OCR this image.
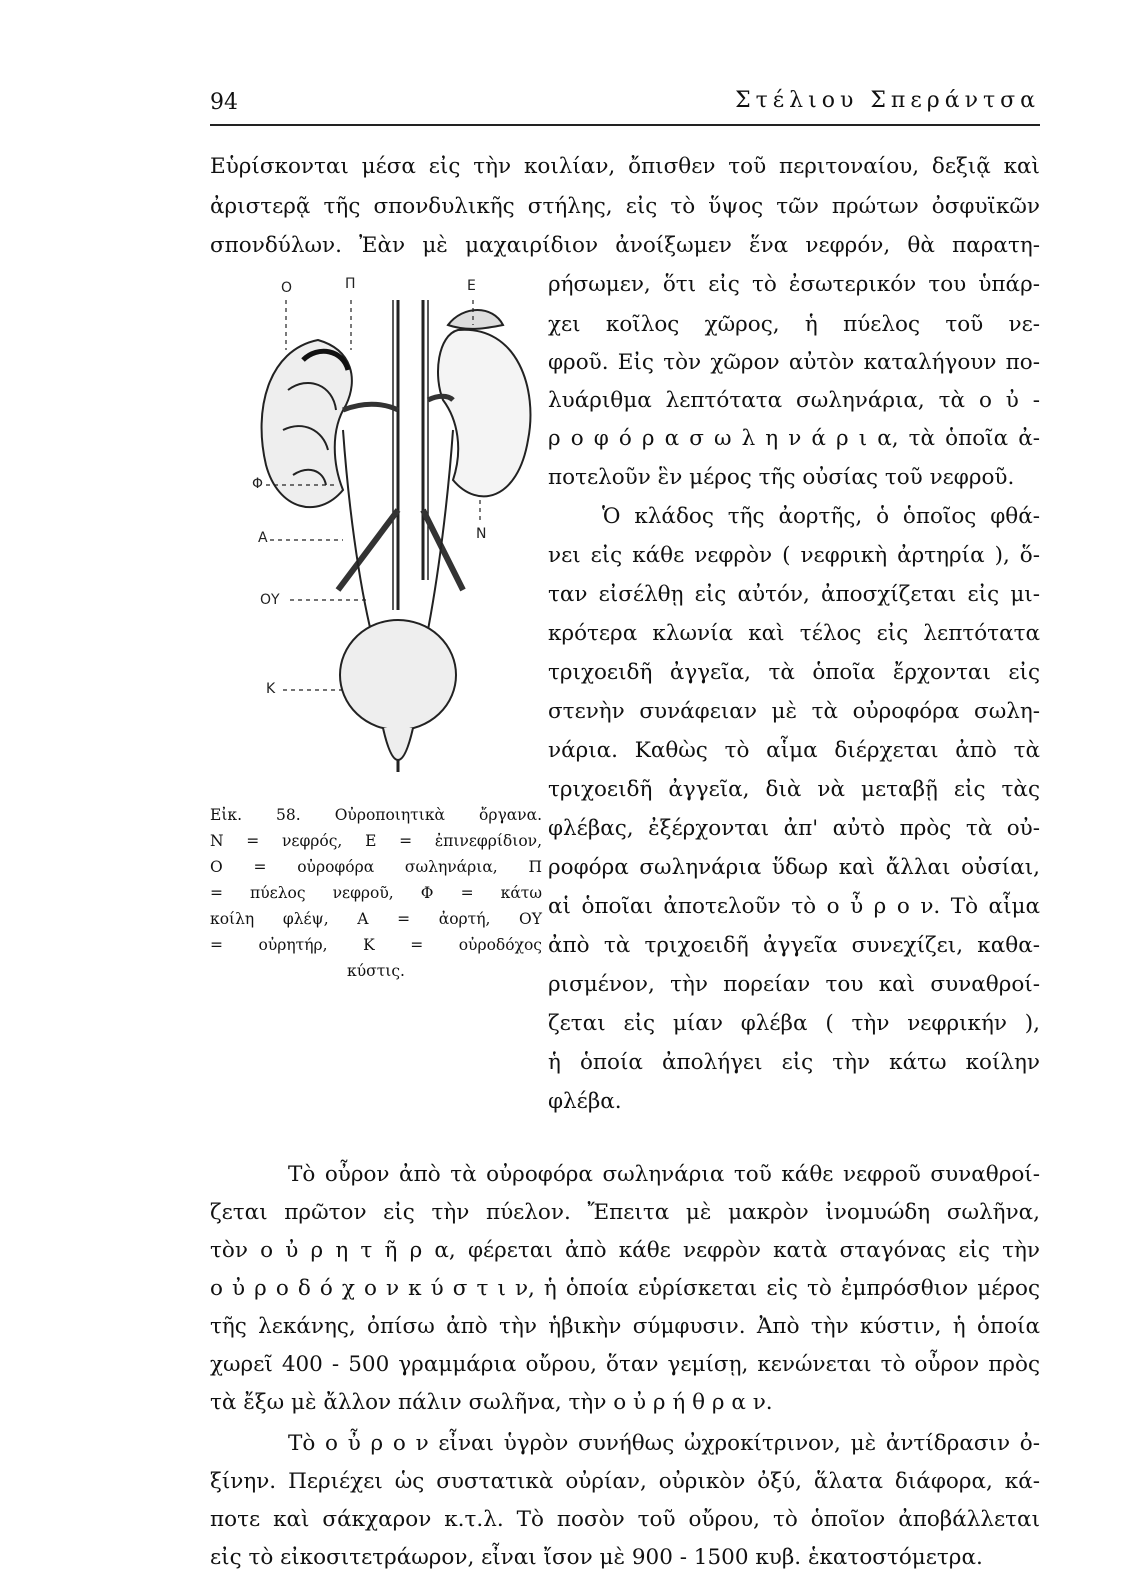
94	Στέλιου Σπεράντσα
Εὑρίσκονται μέσα εἰς τὴν κοιλίαν, ὄπισθεν τοῦ περιτοναίου, δεξιᾷ καὶ
ἀριστερᾷ τῆς σπονδυλικῆς στήλης, εἰς τὸ ὕψος τῶν πρώτων ὀσφυϊκῶν
σπονδύλων. Ἐὰν μὲ μαχαιρίδιον ἀνοίξωμεν ἕνα νεφρόν, θὰ παρατη-
ρήσωμεν, ὅτι εἰς τὸ ἐσωτερικόν του ὑπάρ-
χει κοῖλος χῶρος, ἡ πύελος τοῦ νε-
φροῦ. Εἰς τὸν χῶρον αὐτὸν καταλήγουν πο-
λυάριθμα λεπτότατα σωληνάρια, τὰ ο ὐ -
ρ ο φ ό ρ α σ ω λ η ν ά ρ ι α, τὰ ὁποῖα ἀ-
ποτελοῦν ἓν μέρος τῆς οὐσίας τοῦ νεφροῦ.
Ὁ κλάδος τῆς ἀορτῆς, ὁ ὁποῖος φθά-
νει εἰς κάθε νεφρὸν ( νεφρικὴ ἀρτηρία ), ὅ-
ταν εἰσέλθῃ εἰς αὐτόν, ἀποσχίζεται εἰς μι-
κρότερα κλωνία καὶ τέλος εἰς λεπτότατα
τριχοειδῆ ἀγγεῖα, τὰ ὁποῖα ἔρχονται εἰς
στενὴν συνάφειαν μὲ τὰ οὐροφόρα σωλη-
νάρια. Καθὼς τὸ αἷμα διέρχεται ἀπὸ τὰ
τριχοειδῆ ἀγγεῖα, διὰ νὰ μεταβῇ εἰς τὰς
φλέβας, ἐξέρχονται ἀπ' αὐτὸ πρὸς τὰ οὐ-
ροφόρα σωληνάρια ὕδωρ καὶ ἄλλαι οὐσίαι,
αἱ ὁποῖαι ἀποτελοῦν τὸ ο ὖ ρ ο ν. Τὸ αἷμα
ἀπὸ τὰ τριχοειδῆ ἀγγεῖα συνεχίζει, καθα-
ρισμένον, τὴν πορείαν του καὶ συναθροί-
ζεται εἰς μίαν φλέβα ( τὴν νεφρικήν ),
ἡ ὁποία ἀπολήγει εἰς τὴν κάτω κοίλην
φλέβα.
Τὸ οὖρον ἀπὸ τὰ οὐροφόρα σωληνάρια τοῦ κάθε νεφροῦ συναθροί-
ζεται πρῶτον εἰς τὴν πύελον. Ἔπειτα μὲ μακρὸν ἰνομυώδη σωλῆνα,
τὸν ο ὐ ρ η τ ῆ ρ α, φέρεται ἀπὸ κάθε νεφρὸν κατὰ σταγόνας εἰς τὴν
ο ὐ ρ ο δ ό χ ο ν κ ύ σ τ ι ν, ἡ ὁποία εὑρίσκεται εἰς τὸ ἐμπρόσθιον μέρος
τῆς λεκάνης, ὀπίσω ἀπὸ τὴν ἡβικὴν σύμφυσιν. Ἀπὸ τὴν κύστιν, ἡ ὁποία
χωρεῖ 400 - 500 γραμμάρια οὔρου, ὅταν γεμίσῃ, κενώνεται τὸ οὖρον πρὸς
τὰ ἔξω μὲ ἄλλον πάλιν σωλῆνα, τὴν ο ὐ ρ ή θ ρ α ν.
Τὸ ο ὖ ρ ο ν εἶναι ὑγρὸν συνήθως ὠχροκίτρινον, μὲ ἀντίδρασιν ὀ-
ξίνην. Περιέχει ὡς συστατικὰ οὐρίαν, οὐρικὸν ὀξύ, ἅλατα διάφορα, κά-
ποτε καὶ σάκχαρον κ.τ.λ. Τὸ ποσὸν τοῦ οὔρου, τὸ ὁποῖον ἀποβάλλεται
εἰς τὸ εἰκοσιτετράωρον, εἶναι ἴσον μὲ 900 - 1500 κυβ. ἑκατοστόμετρα.
Ο	Π	Ε
Φ
Α	Ν
ΟΥ
Κ
Εἰκ. 58. Οὐροποιητικὰ ὄργανα.
Ν = νεφρός, Ε = ἐπινεφρίδιον,
Ο = οὐροφόρα σωληνάρια, Π
= πύελος νεφροῦ, Φ = κάτω
κοίλη φλέψ, Α = ἀορτή, ΟΥ
= οὐρητήρ, Κ = οὐροδόχος
κύστις.
